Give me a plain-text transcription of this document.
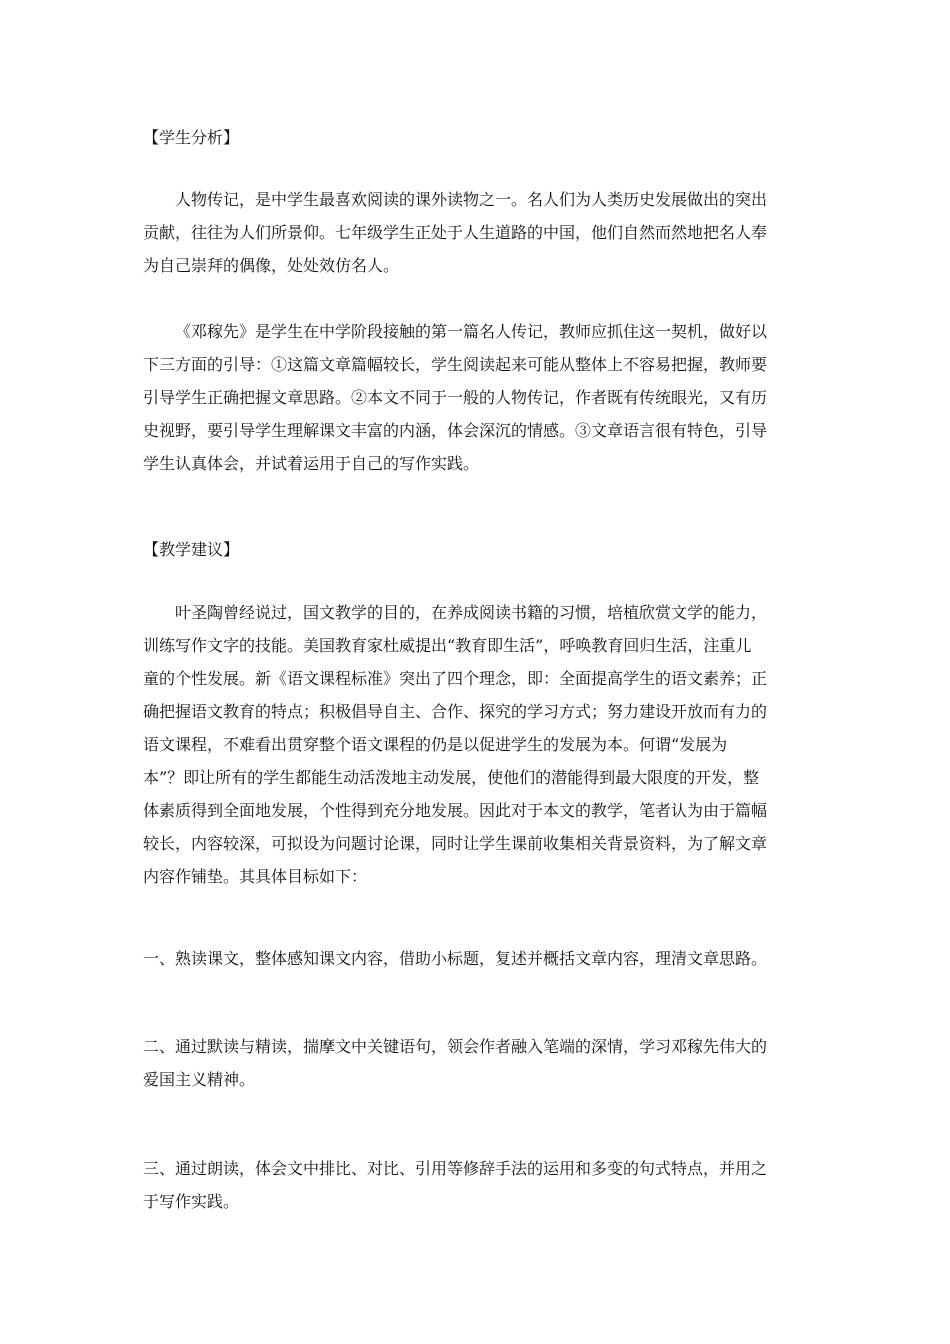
【学生分析】
人物传记，是中学生最喜欢阅读的课外读物之一。名人们为人类历史发展做出的突出
贡献，往往为人们所景仰。七年级学生正处于人生道路的中国，他们自然而然地把名人奉
为自己崇拜的偶像，处处效仿名人。
《邓稼先》是学生在中学阶段接触的第一篇名人传记，教师应抓住这一契机，做好以
下三方面的引导：①这篇文章篇幅较长，学生阅读起来可能从整体上不容易把握，教师要
引导学生正确把握文章思路。②本文不同于一般的人物传记，作者既有传统眼光，又有历
史视野，要引导学生理解课文丰富的内涵，体会深沉的情感。③文章语言很有特色，引导
学生认真体会，并试着运用于自己的写作实践。
【教学建议】
叶圣陶曾经说过，国文教学的目的，在养成阅读书籍的习惯，培植欣赏文学的能力，
训练写作文字的技能。美国教育家杜威提出“教育即生活”，呼唤教育回归生活，注重儿
童的个性发展。新《语文课程标准》突出了四个理念，即：全面提高学生的语文素养；正
确把握语文教育的特点；积极倡导自主、合作、探究的学习方式；努力建设开放而有力的
语文课程，不难看出贯穿整个语文课程的仍是以促进学生的发展为本。何谓“发展为
本”？即让所有的学生都能生动活泼地主动发展，使他们的潜能得到最大限度的开发，整
体素质得到全面地发展，个性得到充分地发展。因此对于本文的教学，笔者认为由于篇幅
较长，内容较深，可拟设为问题讨论课，同时让学生课前收集相关背景资料，为了解文章
内容作铺垫。其具体目标如下：
一、熟读课文，整体感知课文内容，借助小标题，复述并概括文章内容，理清文章思路。
二、通过默读与精读，揣摩文中关键语句，领会作者融入笔端的深情，学习邓稼先伟大的
爱国主义精神。
三、通过朗读，体会文中排比、对比、引用等修辞手法的运用和多变的句式特点，并用之
于写作实践。
